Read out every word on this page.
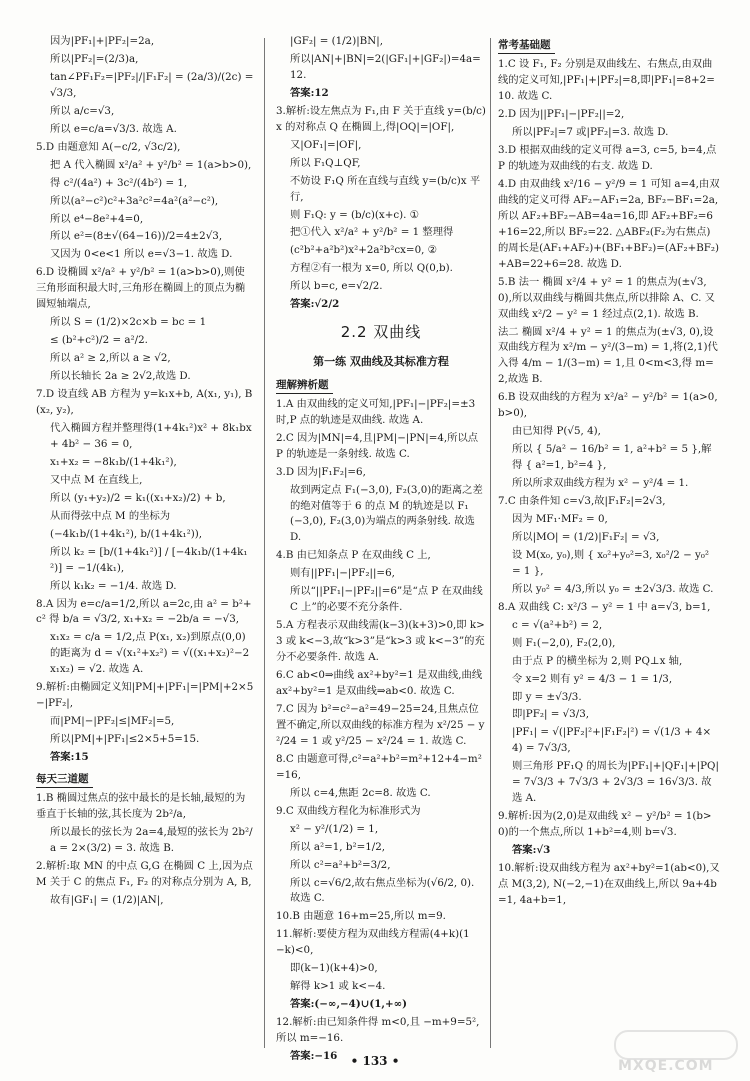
因为|PF₁|+|PF₂|=2a,

所以|PF₂|=(2/3)a,

tan∠PF₁F₂=|PF₂|/|F₁F₂| = (2a/3)/(2c) = √3/3,

所以 a/c=√3,

所以 e=c/a=√3/3. 故选 A.

5.D 由题意知 A(−c/2, √3c/2),

把 A 代入椭圆 x²/a² + y²/b² = 1(a>b>0),

得 c²/(4a²) + 3c²/(4b²) = 1,

所以(a²−c²)c²+3a²c²=4a²(a²−c²),

所以 e⁴−8e²+4=0,

所以 e²=(8±√(64−16))/2=4±2√3,

又因为 0<e<1 所以 e=√3−1. 故选 D.

6.D 设椭圆 x²/a² + y²/b² = 1(a>b>0),则使三角形面积最大时,三角形在椭圆上的顶点为椭圆短轴端点,

所以 S = (1/2)×2c×b = bc = 1

≤ (b²+c²)/2 = a²/2.

所以 a² ≥ 2,所以 a ≥ √2,

所以长轴长 2a ≥ 2√2,故选 D.

7.D 设直线 AB 方程为 y=k₁x+b, A(x₁, y₁), B(x₂, y₂),

代入椭圆方程并整理得(1+4k₁²)x² + 8k₁bx + 4b² − 36 = 0,

x₁+x₂ = −8k₁b/(1+4k₁²),

又中点 M 在直线上,

所以 (y₁+y₂)/2 = k₁((x₁+x₂)/2) + b,

从而得弦中点 M 的坐标为

(−4k₁b/(1+4k₁²), b/(1+4k₁²)),

所以 k₂ = [b/(1+4k₁²)] / [−4k₁b/(1+4k₁²)] = −1/(4k₁),

所以 k₁k₂ = −1/4. 故选 D.

8.A 因为 e=c/a=1/2,所以 a=2c,由 a² = b²+c² 得 b/a = √3/2, x₁+x₂ = −2b/a = −√3,

x₁x₂ = c/a = 1/2,点 P(x₁, x₂)到原点(0,0)的距离为 d = √(x₁²+x₂²) = √((x₁+x₂)²−2x₁x₂) = √2. 故选 A.

9.解析:由椭圆定义知|PM|+|PF₁|=|PM|+2×5−|PF₂|,

而|PM|−|PF₂|≤|MF₂|=5,

所以|PM|+|PF₁|≤2×5+5=15.

答案:15

每天三道题

1.B 椭圆过焦点的弦中最长的是长轴,最短的为垂直于长轴的弦,其长度为 2b²/a,

所以最长的弦长为 2a=4,最短的弦长为 2b²/a = 2×(3/2) = 3. 故选 B.

2.解析:取 MN 的中点 G,G 在椭圆 C 上,因为点 M 关于 C 的焦点 F₁, F₂ 的对称点分别为 A, B,

故有|GF₁| = (1/2)|AN|,

|GF₂| = (1/2)|BN|,

所以|AN|+|BN|=2(|GF₁|+|GF₂|)=4a=12.

答案:12

3.解析:设左焦点为 F₁,由 F 关于直线 y=(b/c)x 的对称点 Q 在椭圆上,得|OQ|=|OF|,

又|OF₁|=|OF|,

所以 F₁Q⊥QF,

不妨设 F₁Q 所在直线与直线 y=(b/c)x 平行,

则 F₁Q: y = (b/c)(x+c). ①

把①代入 x²/a² + y²/b² = 1 整理得

(c²b²+a²b²)x²+2a²b²cx=0, ②

方程②有一根为 x=0, 所以 Q(0,b).

所以 b=c, e=√2/2.

答案:√2/2

2.2 双曲线
第一练 双曲线及其标准方程
理解辨析题

1.A 由双曲线的定义可知,|PF₁|−|PF₂|=±3 时,P 点的轨迹是双曲线. 故选 A.

2.C 因为|MN|=4,且|PM|−|PN|=4,所以点 P 的轨迹是一条射线. 故选 C.

3.D 因为|F₁F₂|=6,

故到两定点 F₁(−3,0), F₂(3,0)的距离之差的绝对值等于 6 的点 M 的轨迹是以 F₁(−3,0), F₂(3,0)为端点的两条射线. 故选 D.

4.B 由已知条点 P 在双曲线 C 上,

则有||PF₁|−|PF₂||=6,

所以“||PF₁|−|PF₂||=6”是“点 P 在双曲线 C 上”的必要不充分条件.

5.A 方程表示双曲线需(k−3)(k+3)>0,即 k>3 或 k<−3,故“k>3”是“k>3 或 k<−3”的充分不必要条件. 故选 A.

6.C ab<0⇒曲线 ax²+by²=1 是双曲线,曲线 ax²+by²=1 是双曲线⇒ab<0. 故选 C.

7.C 因为 b²=c²−a²=49−25=24,且焦点位置不确定,所以双曲线的标准方程为 x²/25 − y²/24 = 1 或 y²/25 − x²/24 = 1. 故选 C.

8.C 由题意可得,c²=a²+b²=m²+12+4−m²=16,

所以 c=4,焦距 2c=8. 故选 C.

9.C 双曲线方程化为标准形式为

x² − y²/(1/2) = 1,

所以 a²=1, b²=1/2,

所以 c²=a²+b²=3/2,

所以 c=√6/2,故右焦点坐标为(√6/2, 0). 故选 C.

10.B 由题意 16+m=25,所以 m=9.

11.解析:要使方程为双曲线方程需(4+k)(1−k)<0,

即(k−1)(k+4)>0,

解得 k>1 或 k<−4.

答案:(−∞,−4)∪(1,+∞)

12.解析:由已知条件得 m<0,且 −m+9=5²,所以 m=−16.

答案:−16

常考基础题

1.C 设 F₁, F₂ 分别是双曲线左、右焦点,由双曲线的定义可知,|PF₁|+|PF₂|=8,即|PF₁|=8+2=10. 故选 C.

2.D 因为||PF₁|−|PF₂||=2,

所以|PF₂|=7 或|PF₂|=3. 故选 D.

3.D 根据双曲线的定义可得 a=3, c=5, b=4,点 P 的轨迹为双曲线的右支. 故选 D.

4.D 由双曲线 x²/16 − y²/9 = 1 可知 a=4,由双曲线的定义可得 AF₂−AF₁=2a, BF₂−BF₁=2a,所以 AF₂+BF₂−AB=4a=16,即 AF₂+BF₂=6+16=22,所以 BF₂=22. △ABF₂(F₂为右焦点)的周长是(AF₁+AF₂)+(BF₁+BF₂)=(AF₂+BF₂)+AB=22+6=28. 故选 D.

5.B 法一 椭圆 x²/4 + y² = 1 的焦点为(±√3, 0),所以双曲线与椭圆共焦点,所以排除 A、C. 又双曲线 x²/2 − y² = 1 经过点(2,1). 故选 B.

法二 椭圆 x²/4 + y² = 1 的焦点为(±√3, 0),设双曲线方程为 x²/m − y²/(3−m) = 1,将(2,1)代入得 4/m − 1/(3−m) = 1,且 0<m<3,得 m=2,故选 B.

6.B 设双曲线的方程为 x²/a² − y²/b² = 1(a>0, b>0),

由已知得 P(√5, 4),

所以 { 5/a² − 16/b² = 1, a²+b² = 5 },解得 { a²=1, b²=4 },

所以所求双曲线方程为 x² − y²/4 = 1.

7.C 由条件知 c=√3,故|F₁F₂|=2√3,

因为 MF₁·MF₂ = 0,

所以|MO| = (1/2)|F₁F₂| = √3,

设 M(x₀, y₀),则 { x₀²+y₀²=3, x₀²/2 − y₀² = 1 },

所以 y₀² = 4/3,所以 y₀ = ±2√3/3. 故选 C.

8.A 双曲线 C: x²/3 − y² = 1 中 a=√3, b=1,

c = √(a²+b²) = 2,

则 F₁(−2,0), F₂(2,0),

由于点 P 的横坐标为 2,则 PQ⊥x 轴,

令 x=2 则有 y² = 4/3 − 1 = 1/3,

即 y = ±√3/3.

即|PF₂| = √3/3,

|PF₁| = √(|PF₂|²+|F₁F₂|²) = √(1/3 + 4×4) = 7√3/3,

则三角形 PF₁Q 的周长为|PF₁|+|QF₁|+|PQ| = 7√3/3 + 7√3/3 + 2√3/3 = 16√3/3. 故选 A.

9.解析:因为(2,0)是双曲线 x² − y²/b² = 1(b>0)的一个焦点,所以 1+b²=4,则 b=√3.

答案:√3

10.解析:设双曲线方程为 ax²+by²=1(ab<0),又点 M(3,2), N(−2,−1)在双曲线上,所以 9a+4b=1, 4a+b=1,

• 133 •	MXQE.COM
